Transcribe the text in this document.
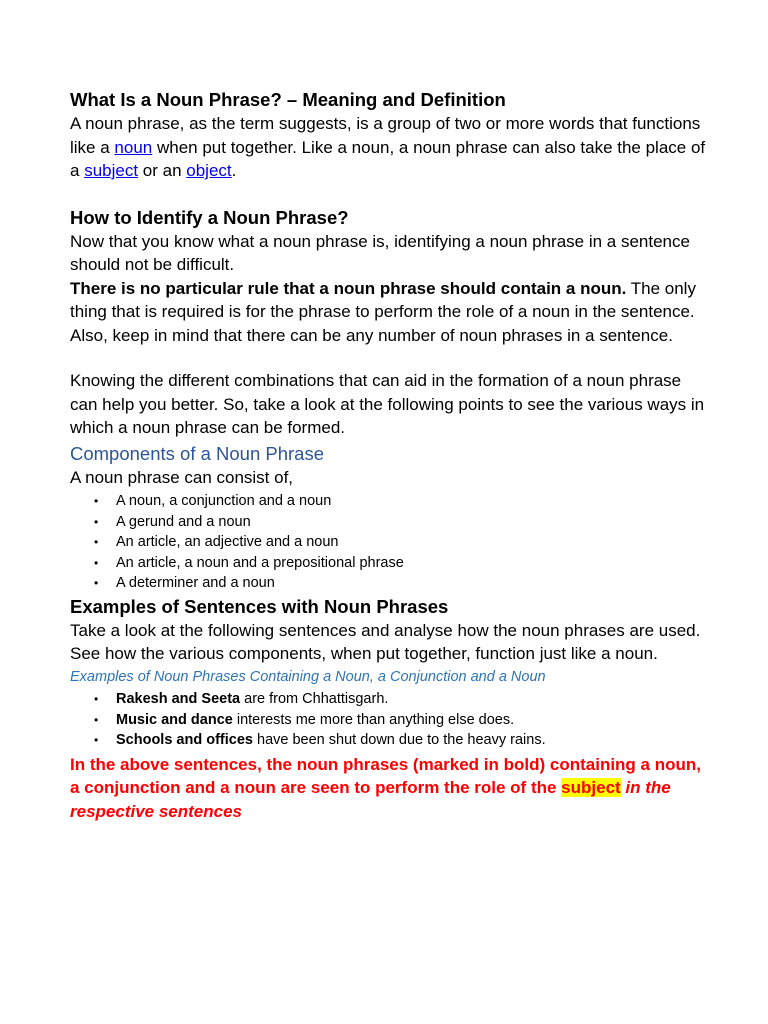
What Is a Noun Phrase? – Meaning and Definition

A noun phrase, as the term suggests, is a group of two or more words that functions like a noun when put together. Like a noun, a noun phrase can also take the place of a subject or an object.

How to Identify a Noun Phrase?

Now that you know what a noun phrase is, identifying a noun phrase in a sentence should not be difficult.

There is no particular rule that a noun phrase should contain a noun. The only thing that is required is for the phrase to perform the role of a noun in the sentence. Also, keep in mind that there can be any number of noun phrases in a sentence.

Knowing the different combinations that can aid in the formation of a noun phrase can help you better. So, take a look at the following points to see the various ways in which a noun phrase can be formed.

Components of a Noun Phrase

A noun phrase can consist of,

• A noun, a conjunction and a noun
• A gerund and a noun
• An article, an adjective and a noun
• An article, a noun and a prepositional phrase
• A determiner and a noun
Examples of Sentences with Noun Phrases

Take a look at the following sentences and analyse how the noun phrases are used. See how the various components, when put together, function just like a noun.

Examples of Noun Phrases Containing a Noun, a Conjunction and a Noun

• Rakesh and Seeta are from Chhattisgarh.
• Music and dance interests me more than anything else does.
• Schools and offices have been shut down due to the heavy rains.

In the above sentences, the noun phrases (marked in bold) containing a noun, a conjunction and a noun are seen to perform the role of the subject in the respective sentences
